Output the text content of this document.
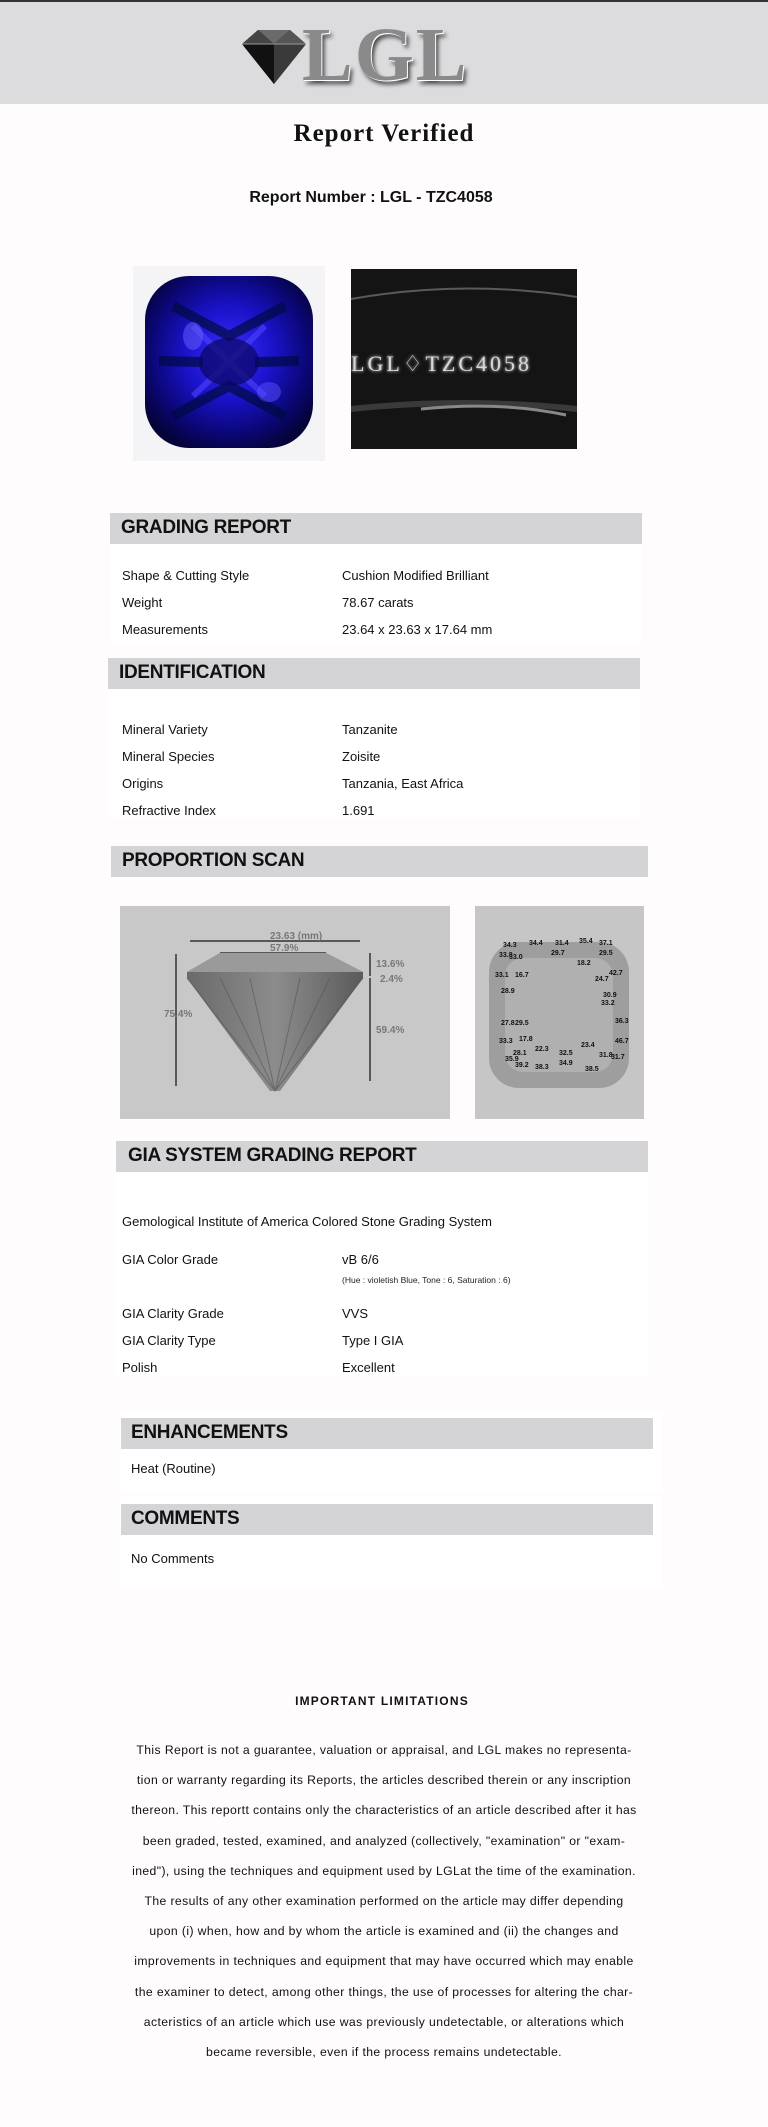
LGL
Report Verified
Report Number : LGL - TZC4058
LGL♢TZC4058
GRADING REPORT
Shape & Cutting Style	Cushion Modified Brilliant
Weight	78.67 carats
Measurements	23.64 x 23.63 x 17.64 mm
IDENTIFICATION
Mineral Variety	Tanzanite
Mineral Species	Zoisite
Origins	Tanzania, East Africa
Refractive Index	1.691
PROPORTION SCAN
23.63 (mm)
57.9%
75.4%
13.6%
2.4%
59.4%
34.3 34.4 31.4 35.4 37.1
33.8
33.0
29.7
18.2
29.5
33.1 16.7	42.7
28.9
24.7
30.9
33.2
27.8 29.5	36.3
33.3 17.8	46.7
28.1
22.3
32.5
23.4
31.8
35.9
39.2 38.3
34.9
38.5
31.7
GIA SYSTEM GRADING REPORT
Gemological Institute of America Colored Stone Grading System
GIA Color Grade	vB 6/6
(Hue : violetish Blue, Tone : 6, Saturation : 6)
GIA Clarity Grade	VVS
GIA Clarity Type	Type I GIA
Polish	Excellent
ENHANCEMENTS
Heat (Routine)
COMMENTS
No Comments
IMPORTANT LIMITATIONS
This Report is not a guarantee, valuation or appraisal, and LGL makes no representa-
tion or warranty regarding its Reports, the articles described therein or any inscription
thereon. This reportt contains only the characteristics of an article described after it has
been graded, tested, examined, and analyzed (collectively, "examination" or "exam-
ined"), using the techniques and equipment used by LGLat the time of the examination.
The results of any other examination performed on the article may differ depending
upon (i) when, how and by whom the article is examined and (ii) the changes and
improvements in techniques and equipment that may have occurred which may enable
the examiner to detect, among other things, the use of processes for altering the char-
acteristics of an article which use was previously undetectable, or alterations which
became reversible, even if the process remains undetectable.
